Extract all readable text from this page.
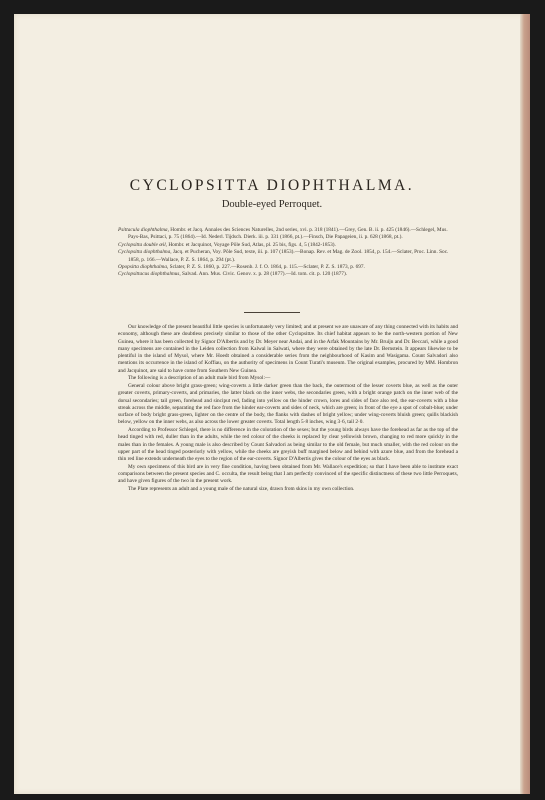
CYCLOPSITTA DIOPHTHALMA.
Double-eyed Perroquet.

Psittacula diophthalma, Hombr. et Jacq. Annales des Sciences Naturelles, 2nd series, xvi. p. 318 (1841).—Grey, Gen. B. ii. p. 425 (1846).—Schlegel, Mus. Pays-Bas, Psittaci, p. 75 (1864).—Id. Nederl. Tijdsch. Dierk. iii. p. 331 (1866, pt.).—Finsch, Die Papageien, ii. p. 628 (1868, pt.).

Cyclopsitta double œil, Hombr. et Jacquinot, Voyage Pôle Sud, Atlas, pl. 25 bis, figs. 4, 5 (1842-1853).

Cyclopsitta diophthalma, Jacq. et Pucheran, Voy. Pôle Sud, texte, iii. p. 107 (1853).—Bonap. Rev. et Mag. de Zool. 1854, p. 154.—Sclater, Proc. Linn. Soc. 1858, p. 166.—Wallace, P. Z. S. 1864, p. 294 (pt.).

Opopsitta diophthalma, Sclater, P. Z. S. 1860, p. 227.—Rosenb. J. f. O. 1864, p. 115.—Sclater, P. Z. S. 1873, p. 697.

Cyclopsittacus diophthalmus, Salvad. Ann. Mus. Civic. Genov. x. p. 28 (1877).—Id. tom. cit. p. 120 (1877).

Our knowledge of the present beautiful little species is unfortunately very limited; and at present we are unaware of any thing connected with its habits and economy, although these are doubtless precisely similar to those of the other Cyclopsittæ. Its chief habitat appears to be the north-western portion of New Guinea, where it has been collected by Signor D'Albertis and by Dr. Meyer near Andai, and in the Arfak Mountains by Mr. Bruijn and Dr. Beccari, while a good many specimens are contained in the Leiden collection from Kalwal in Salwati, where they were obtained by the late Dr. Bernstein. It appears likewise to be plentiful in the island of Mysol, where Mr. Hoedt obtained a considerable series from the neighbourhood of Kasim and Wasigama. Count Salvadori also mentions its occurrence in the island of Koffiau, on the authority of specimens in Count Turati's museum. The original examples, procured by MM. Hombron and Jacquinot, are said to have come from Southern New Guinea.

The following is a description of an adult male bird from Mysol:—

General colour above bright grass-green; wing-coverts a little darker green than the back, the outermost of the lesser coverts blue, as well as the outer greater coverts, primary-coverts, and primaries, the latter black on the inner webs, the secondaries green, with a bright orange patch on the inner web of the dorsal secondaries; tail green, forehead and sinciput red, fading into yellow on the hinder crown, lores and sides of face also red, the ear-coverts with a blue streak across the middle, separating the red face from the hinder ear-coverts and sides of neck, which are green; in front of the eye a spot of cobalt-blue; under surface of body bright grass-green, lighter on the centre of the body, the flanks with dashes of bright yellow; under wing-coverts bluish green; quills blackish below, yellow on the inner webs, as also across the lower greater coverts. Total length 5·8 inches, wing 3·6, tail 2·0.

According to Professor Schlegel, there is no difference in the coloration of the sexes; but the young birds always have the forehead as far as the top of the head tinged with red, duller than in the adults, while the red colour of the cheeks is replaced by clear yellowish brown, changing to red more quickly in the males than in the females. A young male is also described by Count Salvadori as being similar to the old female, but much smaller, with the red colour on the upper part of the head tinged posteriorly with yellow, while the cheeks are greyish buff margined below and behind with azure blue, and from the forehead a thin red line extends underneath the eyes to the region of the ear-coverts. Signor D'Albertis gives the colour of the eyes as black.

My own specimens of this bird are in very fine condition, having been obtained from Mr. Wallace's expedition; so that I have been able to institute exact comparisons between the present species and C. occulta, the result being that I am perfectly convinced of the specific distinctness of these two little Perroquets, and have given figures of the two in the present work.

The Plate represents an adult and a young male of the natural size, drawn from skins in my own collection.
